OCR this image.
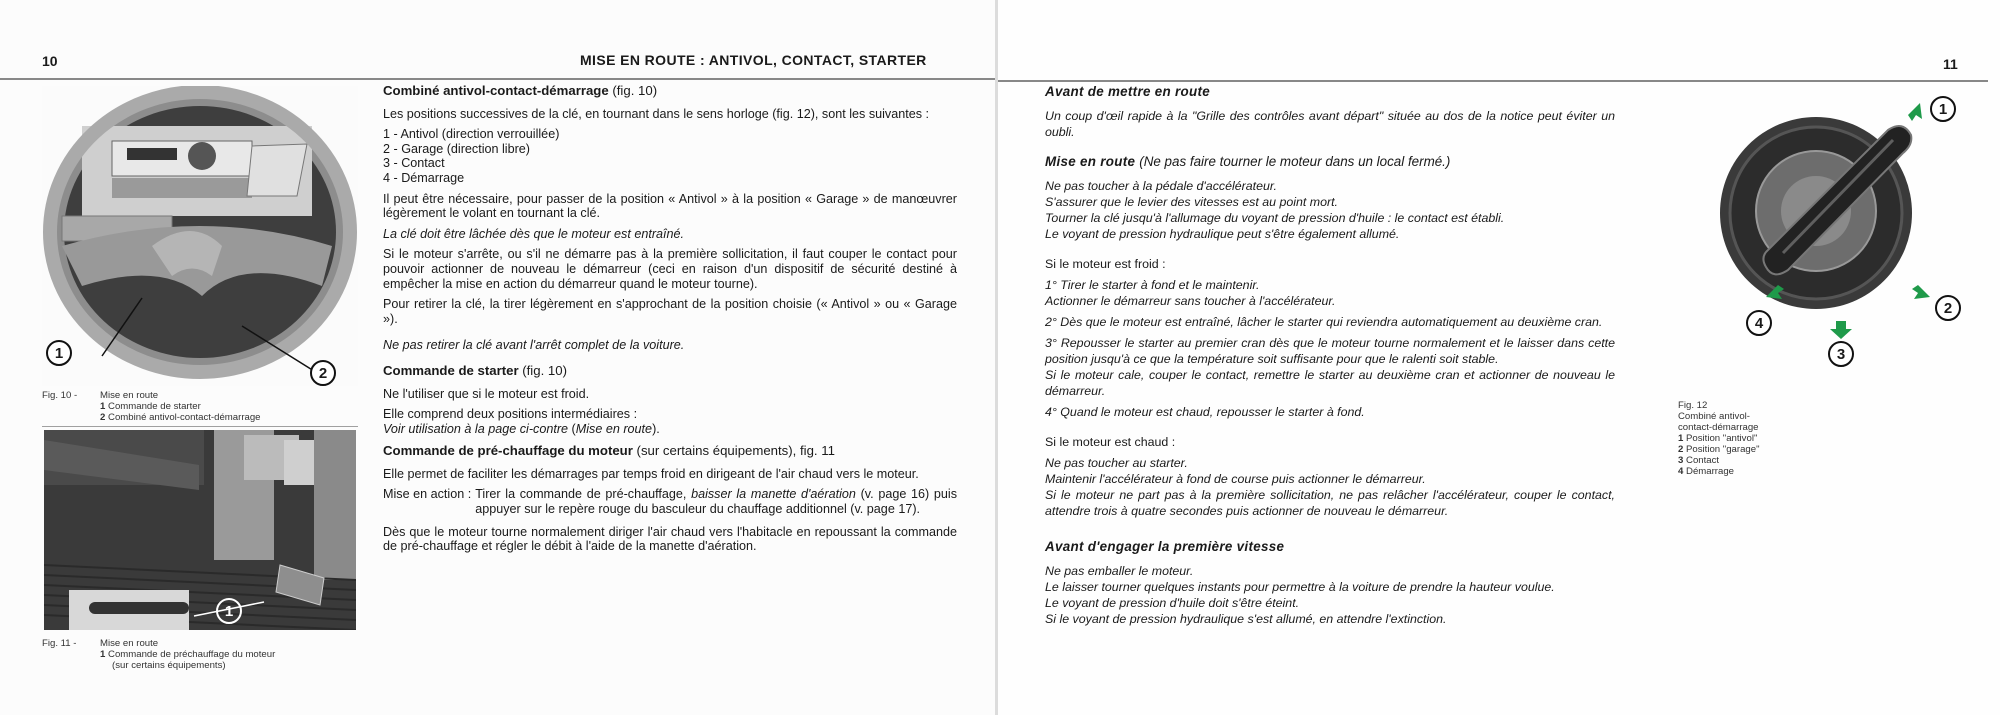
10	MISE EN ROUTE : ANTIVOL, CONTACT, STARTER
1
2
Fig. 10 -	Mise en route
1 Commande de starter
2 Combiné antivol-contact-démarrage
1
Fig. 11 -	Mise en route
1 Commande de préchauffage du moteur
(sur certains équipements)
Combiné antivol-contact-démarrage (fig. 10)

Les positions successives de la clé, en tournant dans le sens horloge (fig. 12), sont les suivantes :

1 - Antivol (direction verrouillée)
2 - Garage (direction libre)
3 - Contact
4 - Démarrage

Il peut être nécessaire, pour passer de la position « Antivol » à la position « Garage » de manœuvrer légèrement le volant en tournant la clé.

La clé doit être lâchée dès que le moteur est entraîné.

Si le moteur s'arrête, ou s'il ne démarre pas à la première sollicitation, il faut couper le contact pour pouvoir actionner de nouveau le démarreur (ceci en raison d'un dispositif de sécurité destiné à empêcher la mise en action du démarreur quand le moteur tourne).

Pour retirer la clé, la tirer légèrement en s'approchant de la position choisie (« Antivol » ou « Garage »).

Ne pas retirer la clé avant l'arrêt complet de la voiture.

Commande de starter (fig. 10)

Ne l'utiliser que si le moteur est froid.

Elle comprend deux positions intermédiaires :

Voir utilisation à la page ci-contre (Mise en route).

Commande de pré-chauffage du moteur (sur certains équipements), fig. 11

Elle permet de faciliter les démarrages par temps froid en dirigeant de l'air chaud vers le moteur.

Mise en action : Tirer la commande de pré-chauffage, baisser la manette d'aération (v. page 16) puis appuyer sur le repère rouge du basculeur du chauffage additionnel (v. page 17).

Dès que le moteur tourne normalement diriger l'air chaud vers l'habitacle en repoussant la commande de pré-chauffage et régler le débit à l'aide de la manette d'aération.

11
Avant de mettre en route

Un coup d'œil rapide à la "Grille des contrôles avant départ" située au dos de la notice peut éviter un oubli.

Mise en route (Ne pas faire tourner le moteur dans un local fermé.)
Ne pas toucher à la pédale d'accélérateur.
S'assurer que le levier des vitesses est au point mort.
Tourner la clé jusqu'à l'allumage du voyant de pression d'huile : le contact est établi.
Le voyant de pression hydraulique peut s'être également allumé.

Si le moteur est froid :

1° Tirer le starter à fond et le maintenir.

Actionner le démarreur sans toucher à l'accélérateur.

2° Dès que le moteur est entraîné, lâcher le starter qui reviendra automatiquement au deuxième cran.

3° Repousser le starter au premier cran dès que le moteur tourne normalement et le laisser dans cette position jusqu'à ce que la température soit suffisante pour que le ralenti soit stable.

Si le moteur cale, couper le contact, remettre le starter au deuxième cran et actionner de nouveau le démarreur.

4° Quand le moteur est chaud, repousser le starter à fond.

Si le moteur est chaud :

Ne pas toucher au starter.
Maintenir l'accélérateur à fond de course puis actionner le démarreur.
Si le moteur ne part pas à la première sollicitation, ne pas relâcher l'accélérateur, couper le contact, attendre trois à quatre secondes puis actionner de nouveau le démarreur.
Avant d'engager la première vitesse
Ne pas emballer le moteur.
Le laisser tourner quelques instants pour permettre à la voiture de prendre la hauteur voulue.
Le voyant de pression d'huile doit s'être éteint.
Si le voyant de pression hydraulique s'est allumé, en attendre l'extinction.
1
2
3
4
Fig. 12
Combiné antivol-
contact-démarrage
1 Position "antivol"
2 Position "garage"
3 Contact
4 Démarrage
